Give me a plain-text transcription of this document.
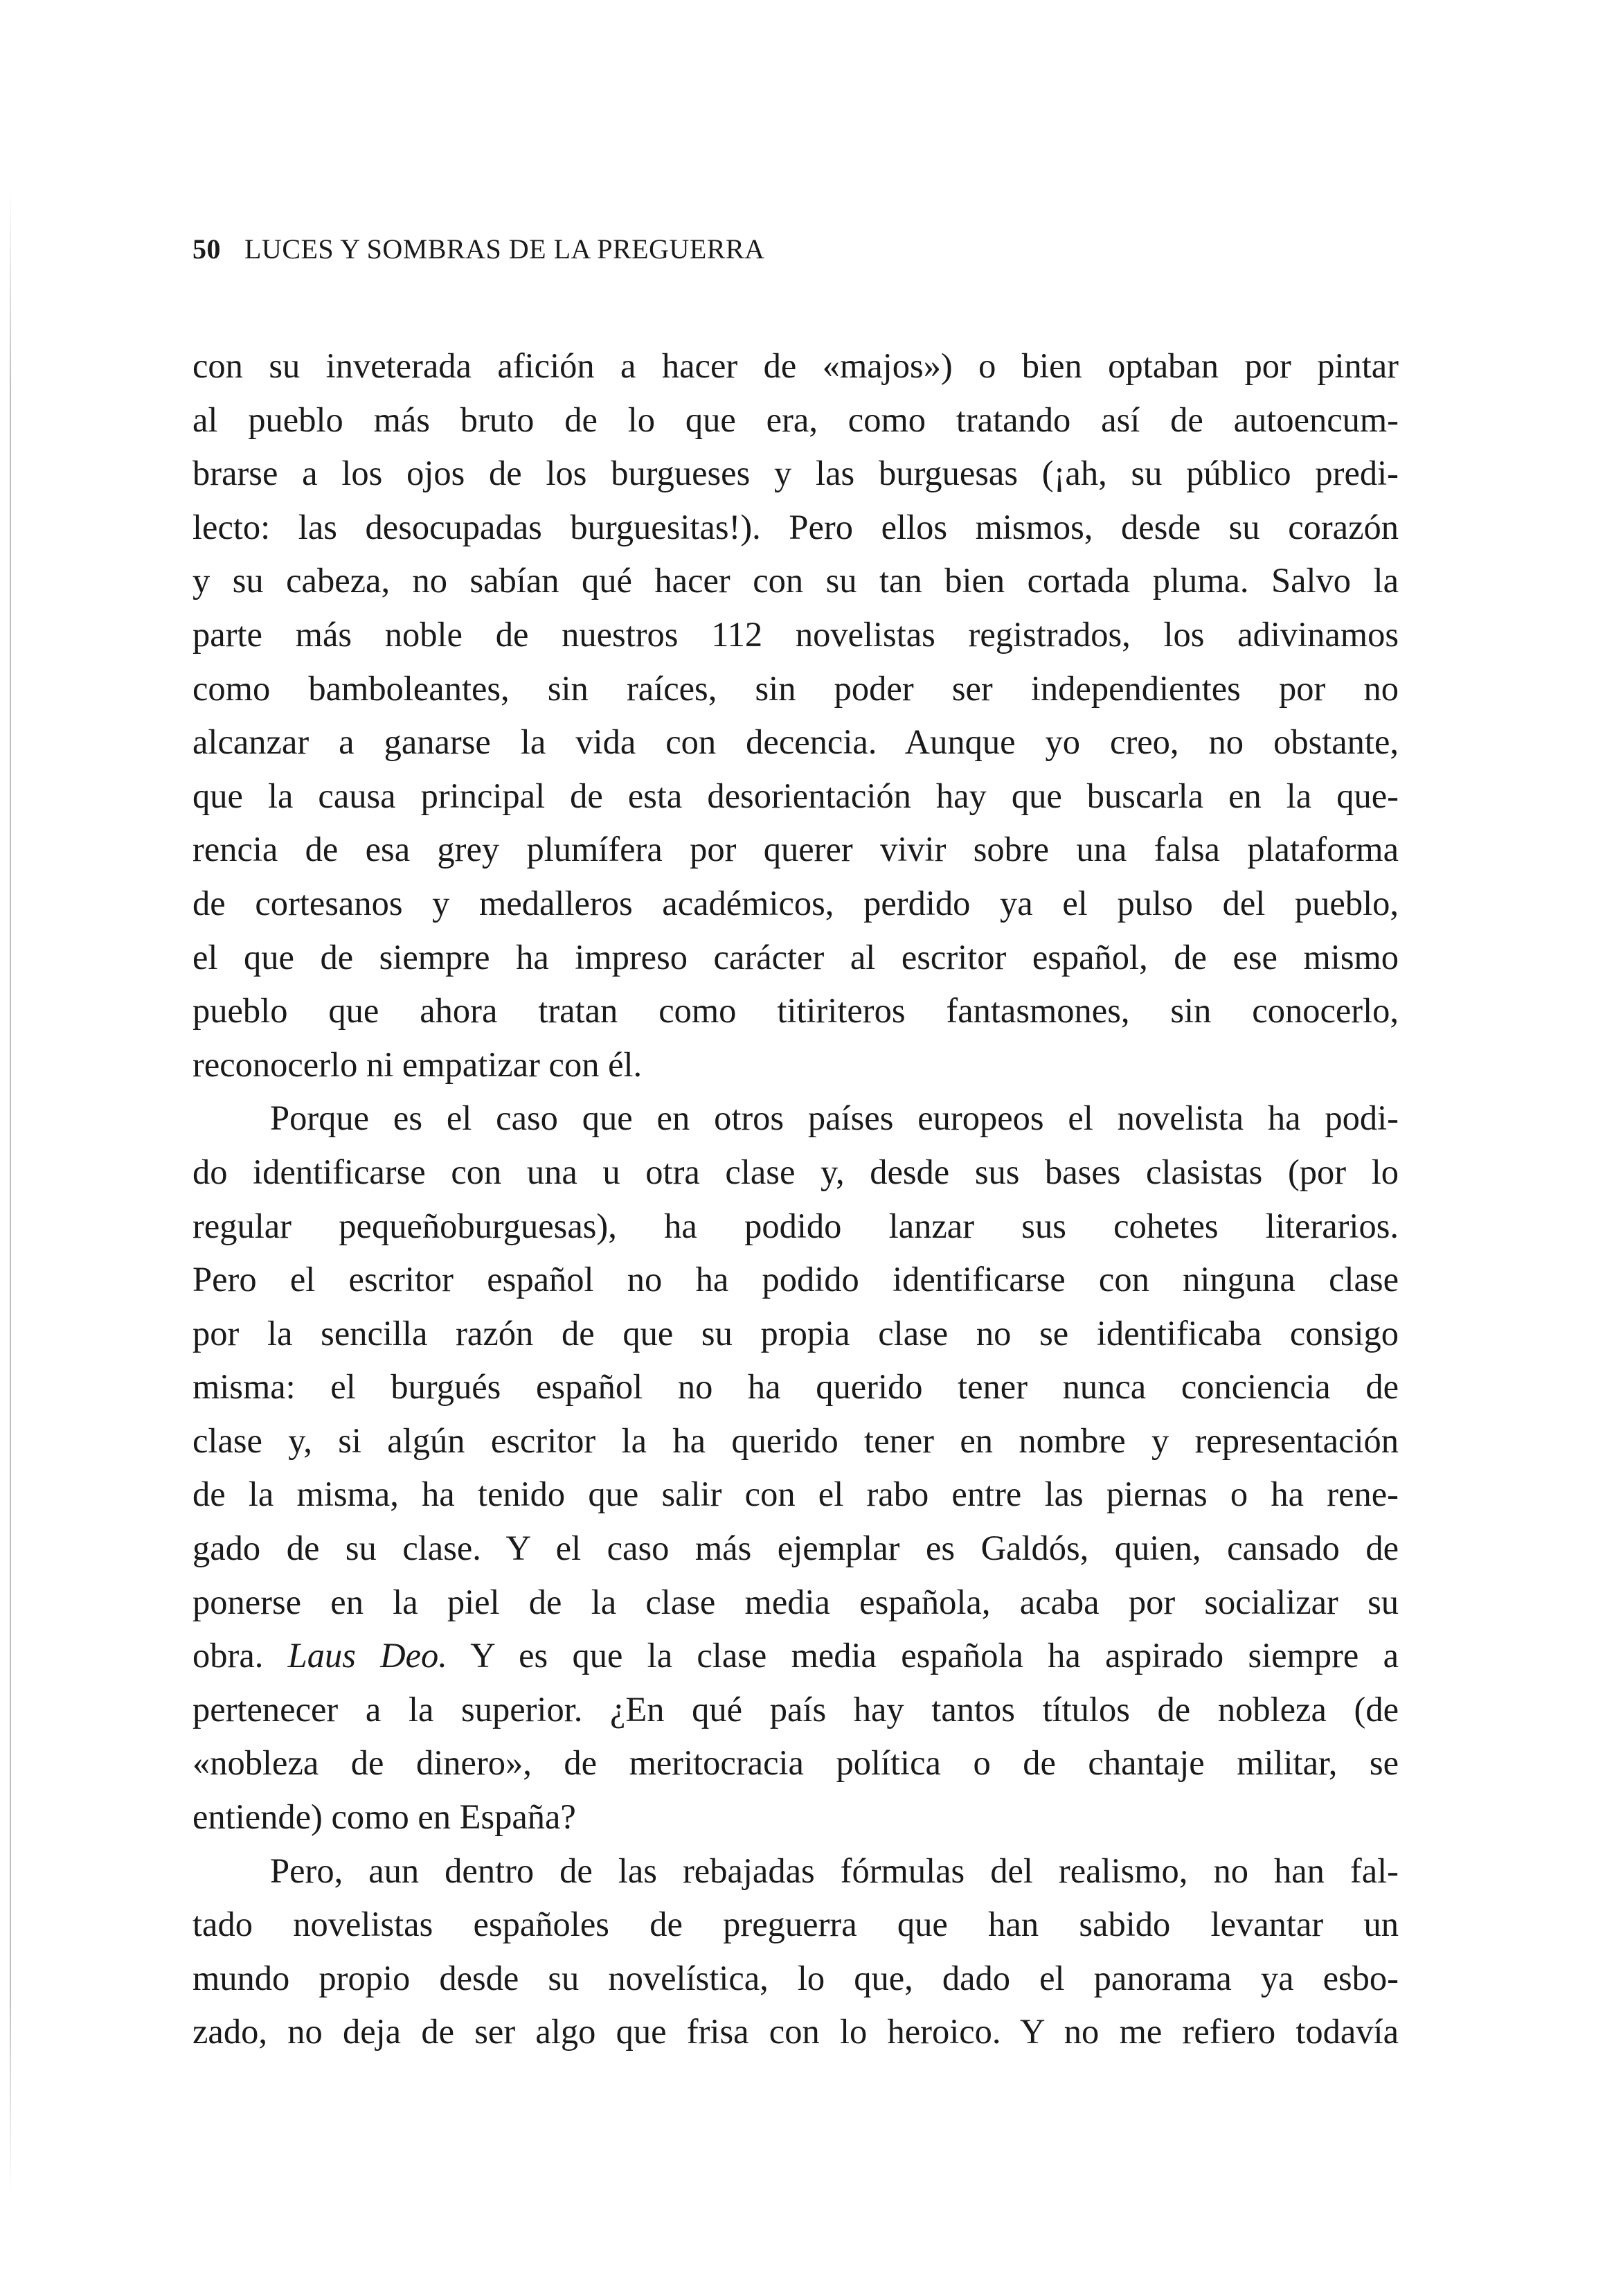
50 LUCES Y SOMBRAS DE LA PREGUERRA
con su inveterada afición a hacer de «majos») o bien optaban por pintar
al pueblo más bruto de lo que era, como tratando así de autoencum-
brarse a los ojos de los burgueses y las burguesas (¡ah, su público predi-
lecto: las desocupadas burguesitas!). Pero ellos mismos, desde su corazón
y su cabeza, no sabían qué hacer con su tan bien cortada pluma. Salvo la
parte más noble de nuestros 112 novelistas registrados, los adivinamos
como bamboleantes, sin raíces, sin poder ser independientes por no
alcanzar a ganarse la vida con decencia. Aunque yo creo, no obstante,
que la causa principal de esta desorientación hay que buscarla en la que-
rencia de esa grey plumífera por querer vivir sobre una falsa plataforma
de cortesanos y medalleros académicos, perdido ya el pulso del pueblo,
el que de siempre ha impreso carácter al escritor español, de ese mismo
pueblo que ahora tratan como titiriteros fantasmones, sin conocerlo,
reconocerlo ni empatizar con él.
Porque es el caso que en otros países europeos el novelista ha podi-
do identificarse con una u otra clase y, desde sus bases clasistas (por lo
regular pequeñoburguesas), ha podido lanzar sus cohetes literarios.
Pero el escritor español no ha podido identificarse con ninguna clase
por la sencilla razón de que su propia clase no se identificaba consigo
misma: el burgués español no ha querido tener nunca conciencia de
clase y, si algún escritor la ha querido tener en nombre y representación
de la misma, ha tenido que salir con el rabo entre las piernas o ha rene-
gado de su clase. Y el caso más ejemplar es Galdós, quien, cansado de
ponerse en la piel de la clase media española, acaba por socializar su
obra. Laus Deo. Y es que la clase media española ha aspirado siempre a
pertenecer a la superior. ¿En qué país hay tantos títulos de nobleza (de
«nobleza de dinero», de meritocracia política o de chantaje militar, se
entiende) como en España?
Pero, aun dentro de las rebajadas fórmulas del realismo, no han fal-
tado novelistas españoles de preguerra que han sabido levantar un
mundo propio desde su novelística, lo que, dado el panorama ya esbo-
zado, no deja de ser algo que frisa con lo heroico. Y no me refiero todavía
